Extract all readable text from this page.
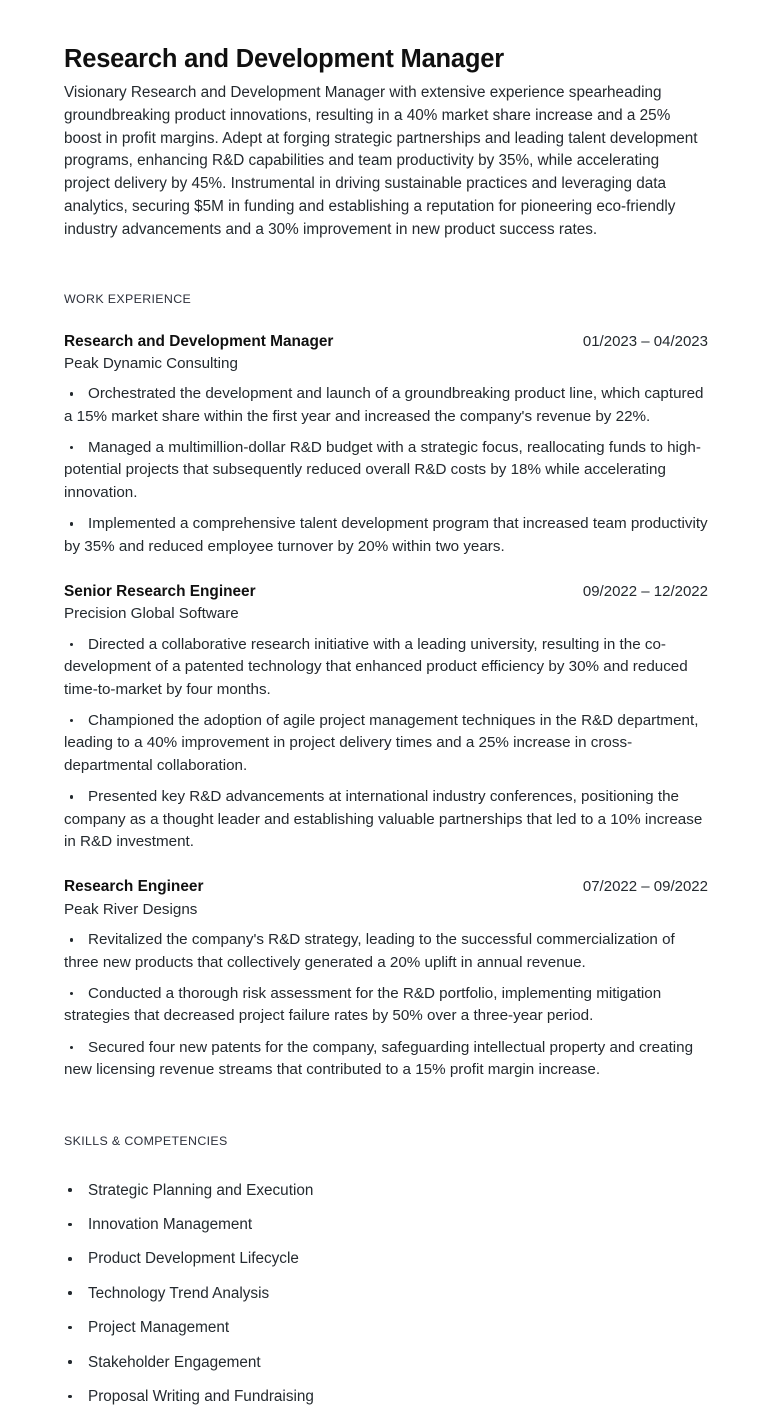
Research and Development Manager

Visionary Research and Development Manager with extensive experience spearheading groundbreaking product innovations, resulting in a 40% market share increase and a 25% boost in profit margins. Adept at forging strategic partnerships and leading talent development programs, enhancing R&D capabilities and team productivity by 35%, while accelerating project delivery by 45%. Instrumental in driving sustainable practices and leveraging data analytics, securing $5M in funding and establishing a reputation for pioneering eco-friendly industry advancements and a 30% improvement in new product success rates.

WORK EXPERIENCE
Research and Development Manager	01/2023 – 04/2023
Peak Dynamic Consulting
Orchestrated the development and launch of a groundbreaking product line, which captured a 15% market share within the first year and increased the company's revenue by 22%.
Managed a multimillion-dollar R&D budget with a strategic focus, reallocating funds to high-potential projects that subsequently reduced overall R&D costs by 18% while accelerating innovation.
Implemented a comprehensive talent development program that increased team productivity by 35% and reduced employee turnover by 20% within two years.
Senior Research Engineer	09/2022 – 12/2022
Precision Global Software
Directed a collaborative research initiative with a leading university, resulting in the co-development of a patented technology that enhanced product efficiency by 30% and reduced time-to-market by four months.
Championed the adoption of agile project management techniques in the R&D department, leading to a 40% improvement in project delivery times and a 25% increase in cross-departmental collaboration.
Presented key R&D advancements at international industry conferences, positioning the company as a thought leader and establishing valuable partnerships that led to a 10% increase in R&D investment.
Research Engineer	07/2022 – 09/2022
Peak River Designs
Revitalized the company's R&D strategy, leading to the successful commercialization of three new products that collectively generated a 20% uplift in annual revenue.
Conducted a thorough risk assessment for the R&D portfolio, implementing mitigation strategies that decreased project failure rates by 50% over a three-year period.
Secured four new patents for the company, safeguarding intellectual property and creating new licensing revenue streams that contributed to a 15% profit margin increase.
SKILLS & COMPETENCIES
Strategic Planning and Execution
Innovation Management
Product Development Lifecycle
Technology Trend Analysis
Project Management
Stakeholder Engagement
Proposal Writing and Fundraising
